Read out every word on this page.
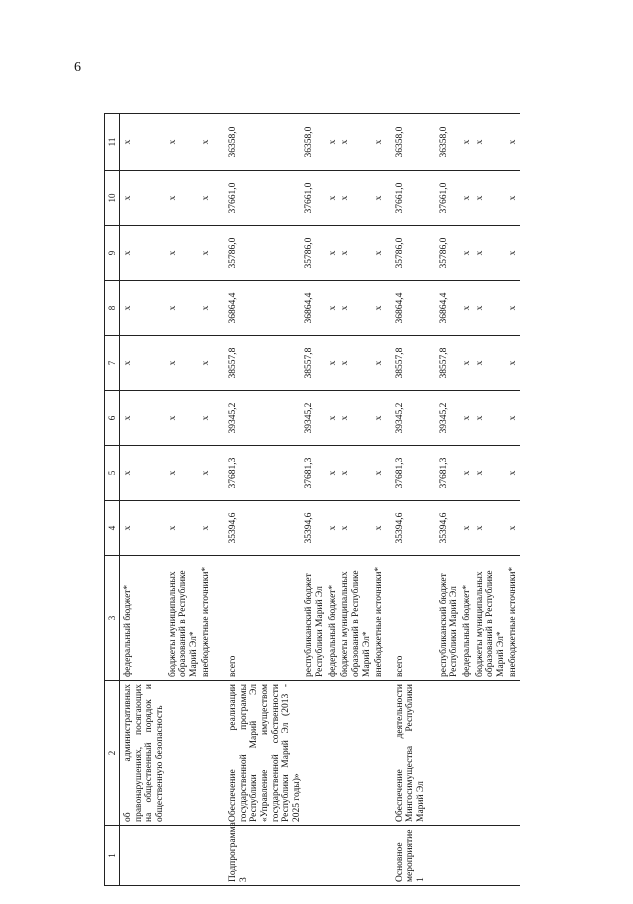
6
1	2	3	4	5	6	7	8	9	10	11
	об административных правонарушениях, посягающих на общественный порядок и общественную безопасность	федеральный бюджет*	x	x	x	x	x	x	x	x
		бюджеты муниципальных образований в Республике Марий Эл*	x	x	x	x	x	x	x	x
		внебюджетные источники*	x	x	x	x	x	x	x	x
Подпрограмма 3	Обеспечение реализации государственной программы Республики Марий Эл «Управление имуществом государственной собственности Республики Марий Эл (2013 - 2025 годы)»	всего	35394,6	37681,3	39345,2	38557,8	36864,4	35786,0	37661,0	36358,0
		республиканский бюджет Республики Марий Эл	35394,6	37681,3	39345,2	38557,8	36864,4	35786,0	37661,0	36358,0
		федеральный бюджет*	x	x	x	x	x	x	x	x
		бюджеты муниципальных образований в Республике Марий Эл*	x	x	x	x	x	x	x	x
		внебюджетные источники*	x	x	x	x	x	x	x	x
Основное мероприятие 1	Обеспечение деятельности Мингосимущества Республики Марий Эл	всего	35394,6	37681,3	39345,2	38557,8	36864,4	35786,0	37661,0	36358,0
		республиканский бюджет Республики Марий Эл	35394,6	37681,3	39345,2	38557,8	36864,4	35786,0	37661,0	36358,0
		федеральный бюджет*	x	x	x	x	x	x	x	x
		бюджеты муниципальных образований в Республике Марий Эл*	x	x	x	x	x	x	x	x
		внебюджетные источники*	x	x	x	x	x	x	x	x
